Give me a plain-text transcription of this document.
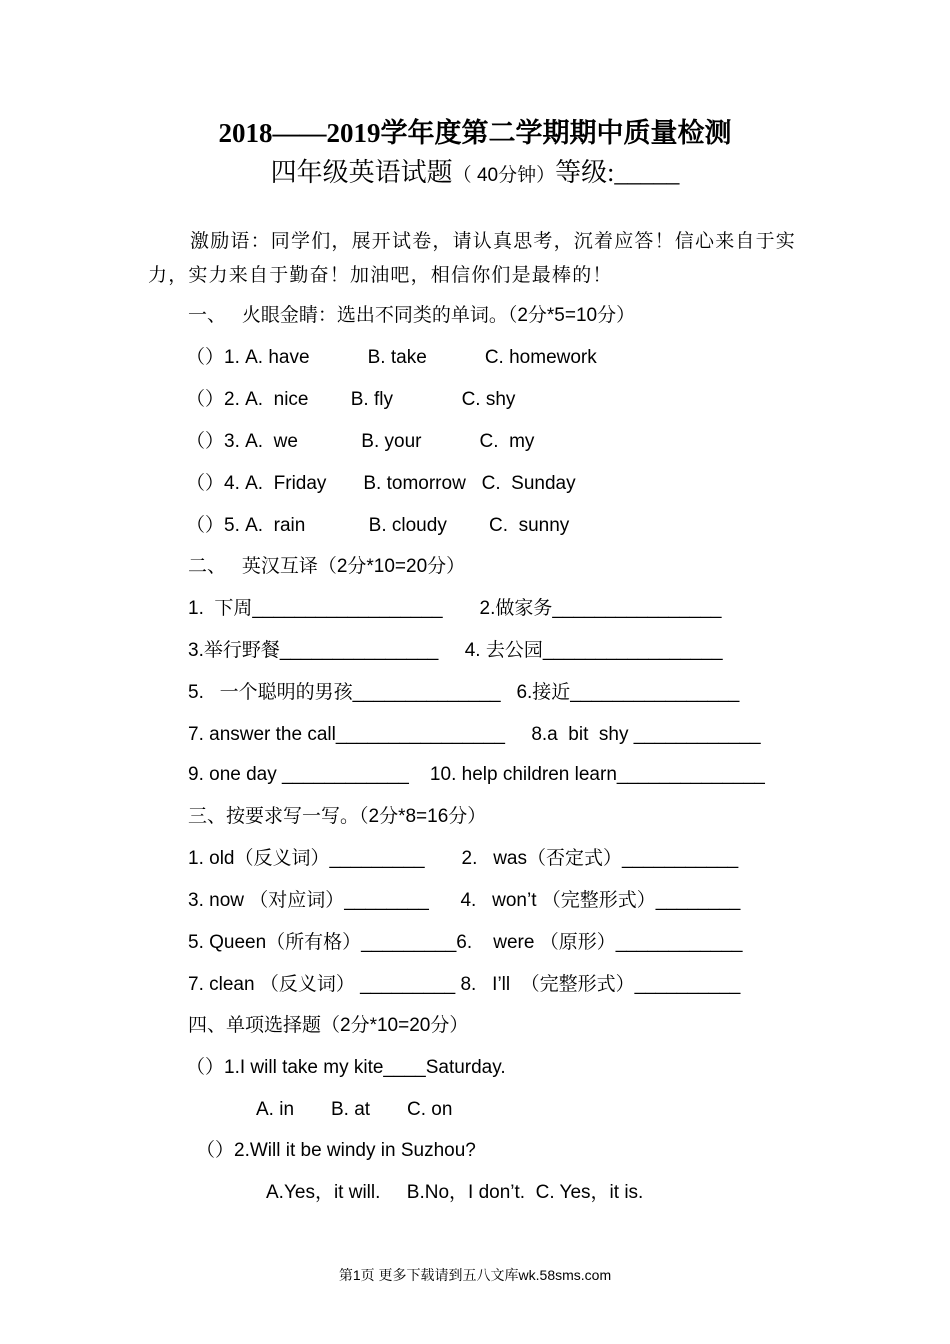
2018——2019学年度第二学期期中质量检测
四年级英语试题（ 40分钟）等级:_____
激励语：同学们，展开试卷，请认真思考，沉着应答！信心来自于实力，实力来自于勤奋！加油吧，相信你们是最棒的！
一、   火眼金睛：选出不同类的单词。（2分*5=10分）
（）1. A. have           B. take           C. homework
（）2. A.  nice        B. fly             C. shy
（）3. A.  we            B. your           C.  my
（）4. A.  Friday       B. tomorrow   C.  Sunday
（）5. A.  rain            B. cloudy        C.  sunny
二、   英汉互译（2分*10=20分）
1.  下周__________________       2.做家务________________
3.举行野餐_______________     4. 去公园_________________
5.   一个聪明的男孩______________   6.接近________________
7. answer the call________________     8.a  bit  shy ____________
9. one day ____________    10. help children learn______________
三、按要求写一写。（2分*8=16分）
1. old（反义词）_________       2.   was（否定式）___________
3. now （对应词）________      4.   won’t （完整形式）________
5. Queen（所有格）_________6.    were （原形）____________
7. clean （反义词） _________ 8.   I’ll  （完整形式）__________
四、单项选择题（2分*10=20分）
（）1.I will take my kite____Saturday.
A. in       B. at       C. on
（）2.Will it be windy in Suzhou?
A.Yes，it will.     B.No，I don’t.  C. Yes，it is.
第1页 更多下载请到五八文库wk.58sms.com
